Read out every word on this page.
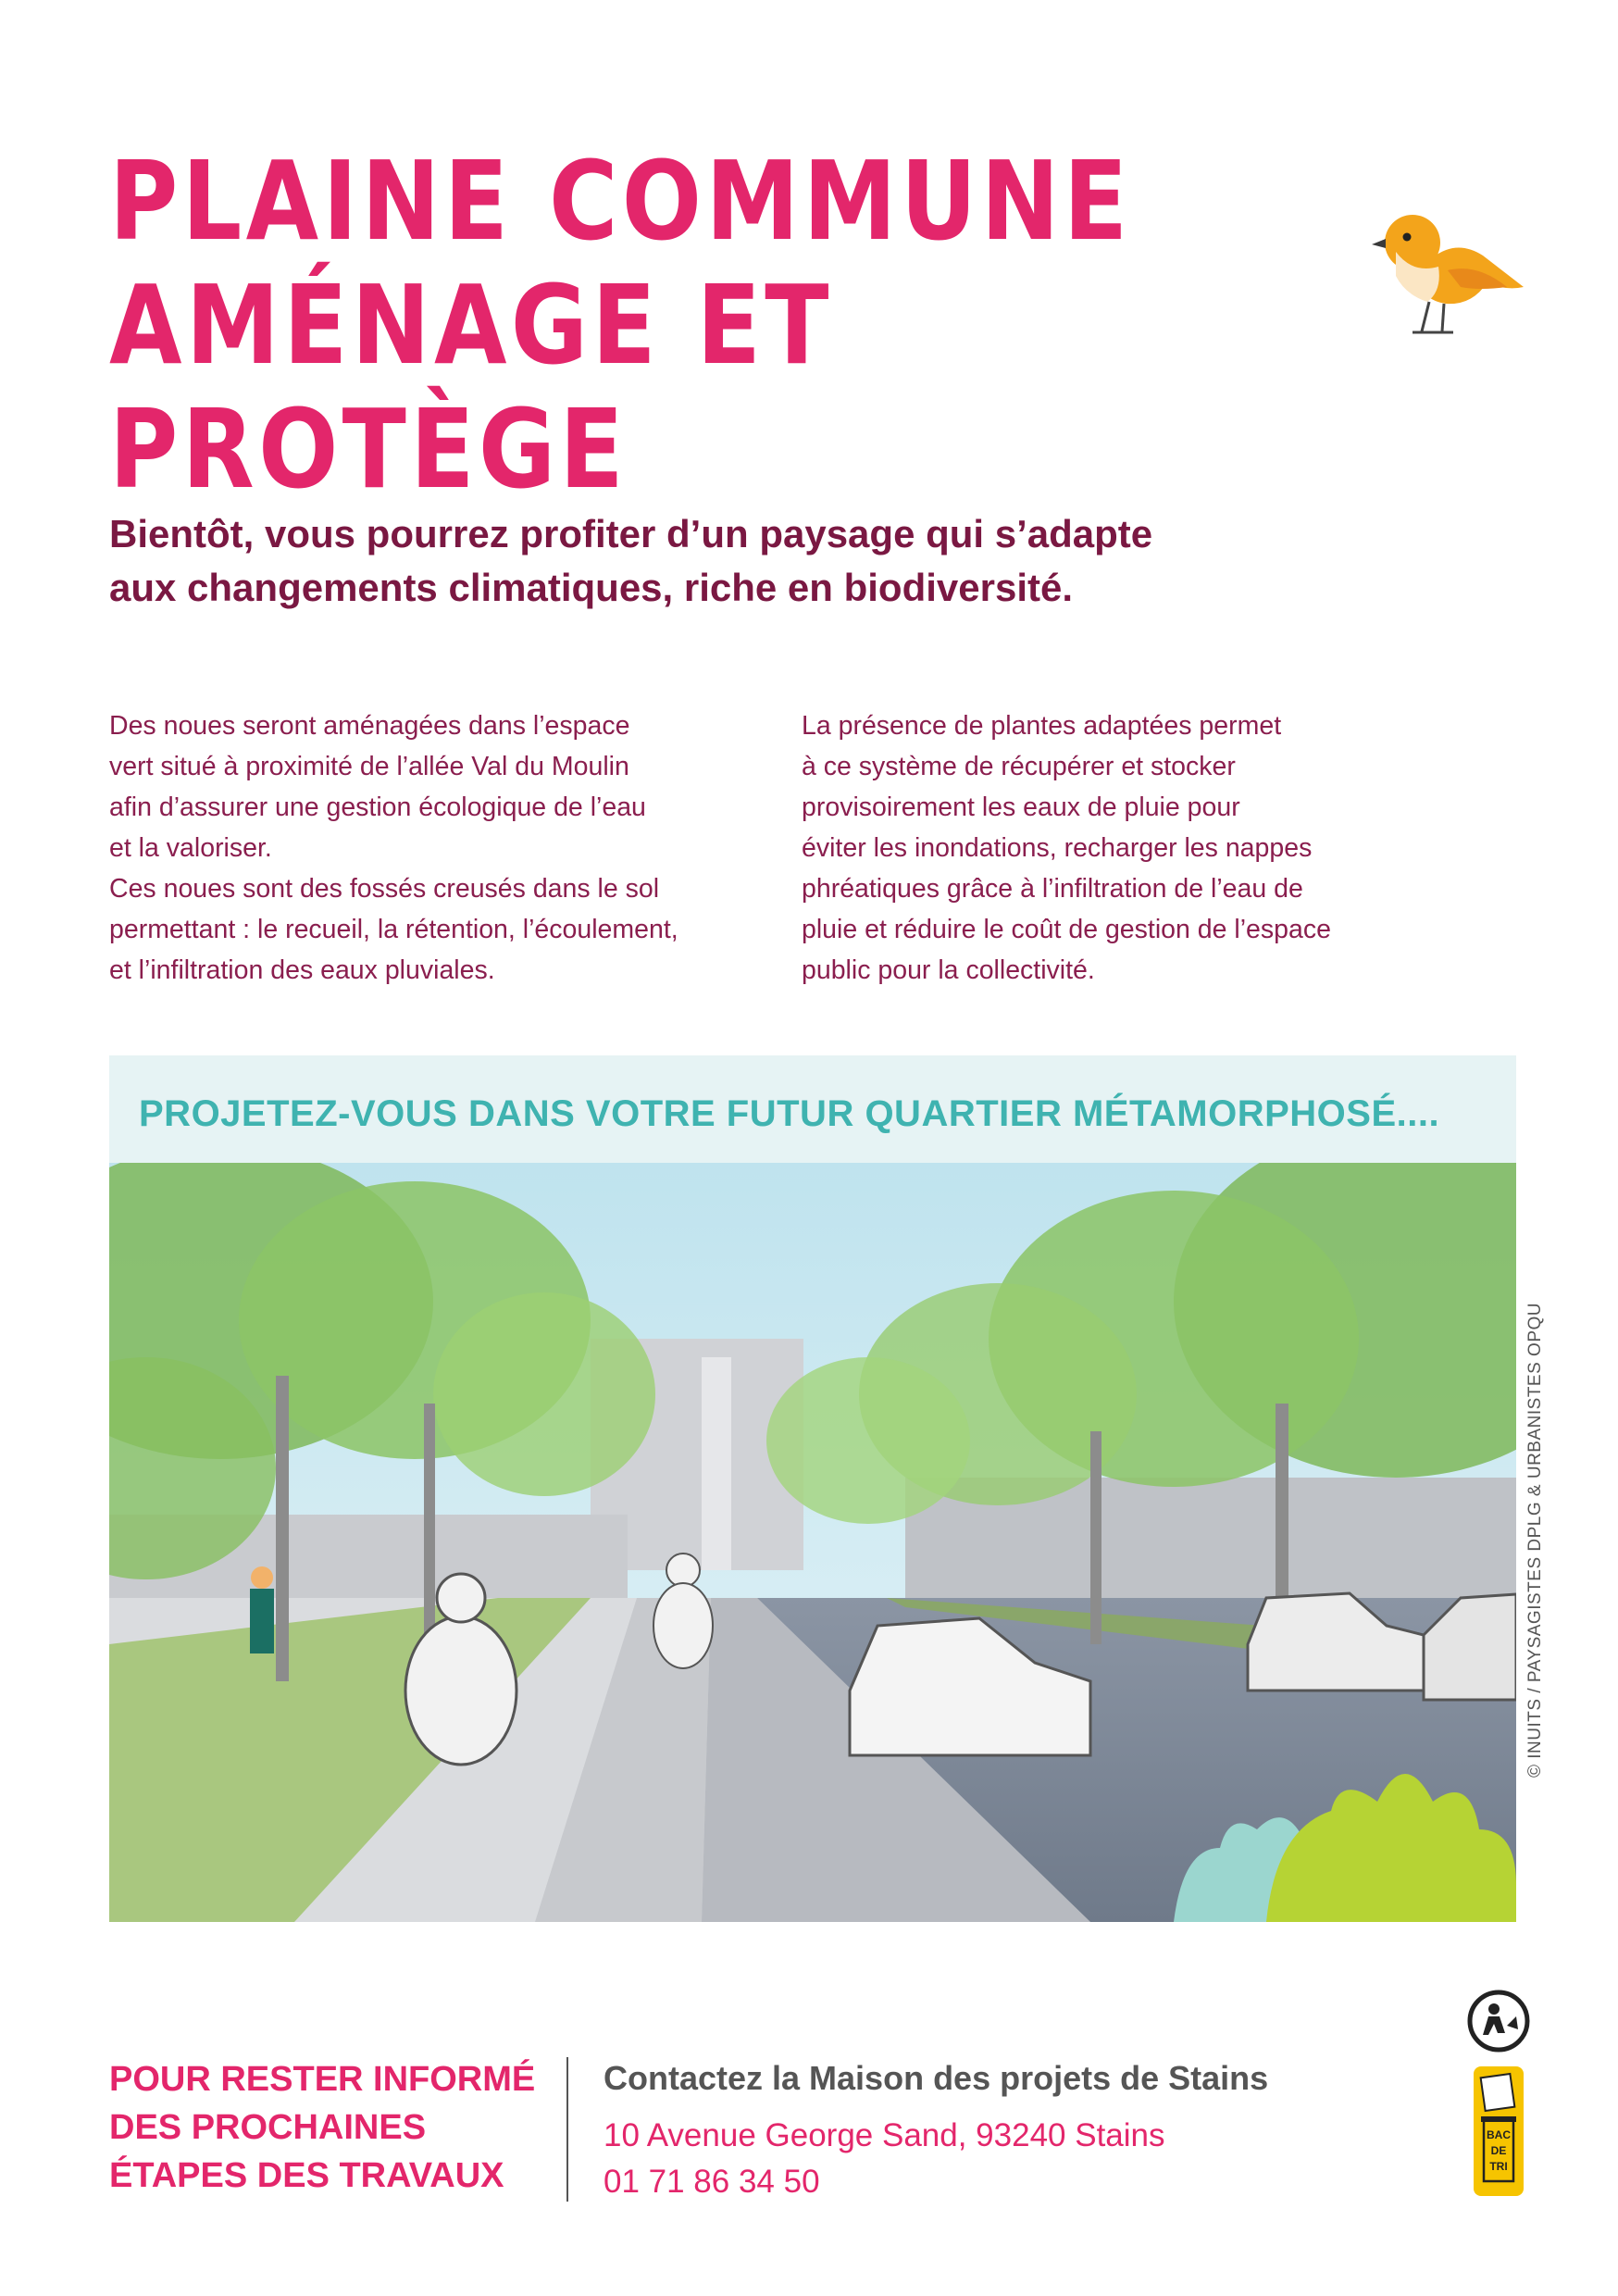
PLAINE COMMUNE
AMÉNAGE ET PROTÈGE
Bientôt, vous pourrez profiter d’un paysage qui s’adapte
aux changements climatiques, riche en biodiversité.

Des noues seront aménagées dans l’espace

vert situé à proximité de l’allée Val du Moulin

afin d’assurer une gestion écologique de l’eau

et la valoriser.

Ces noues sont des fossés creusés dans le sol

permettant : le recueil, la rétention, l’écoulement,

et l’infiltration des eaux pluviales.

La présence de plantes adaptées permet

à ce système de récupérer et stocker

provisoirement les eaux de pluie pour

éviter les inondations, recharger les nappes

phréatiques grâce à l’infiltration de l’eau de

pluie et réduire le coût de gestion de l’espace

public pour la collectivité.

PROJETEZ-VOUS DANS VOTRE FUTUR QUARTIER MÉTAMORPHOSÉ....
© INUITS / PAYSAGISTES DPLG & URBANISTES OPQU
POUR RESTER INFORMÉ
DES PROCHAINES
ÉTAPES DES TRAVAUX

Contactez la Maison des projets de Stains

10 Avenue George Sand, 93240 Stains

01 71 86 34 50

BAC
DE
TRI
